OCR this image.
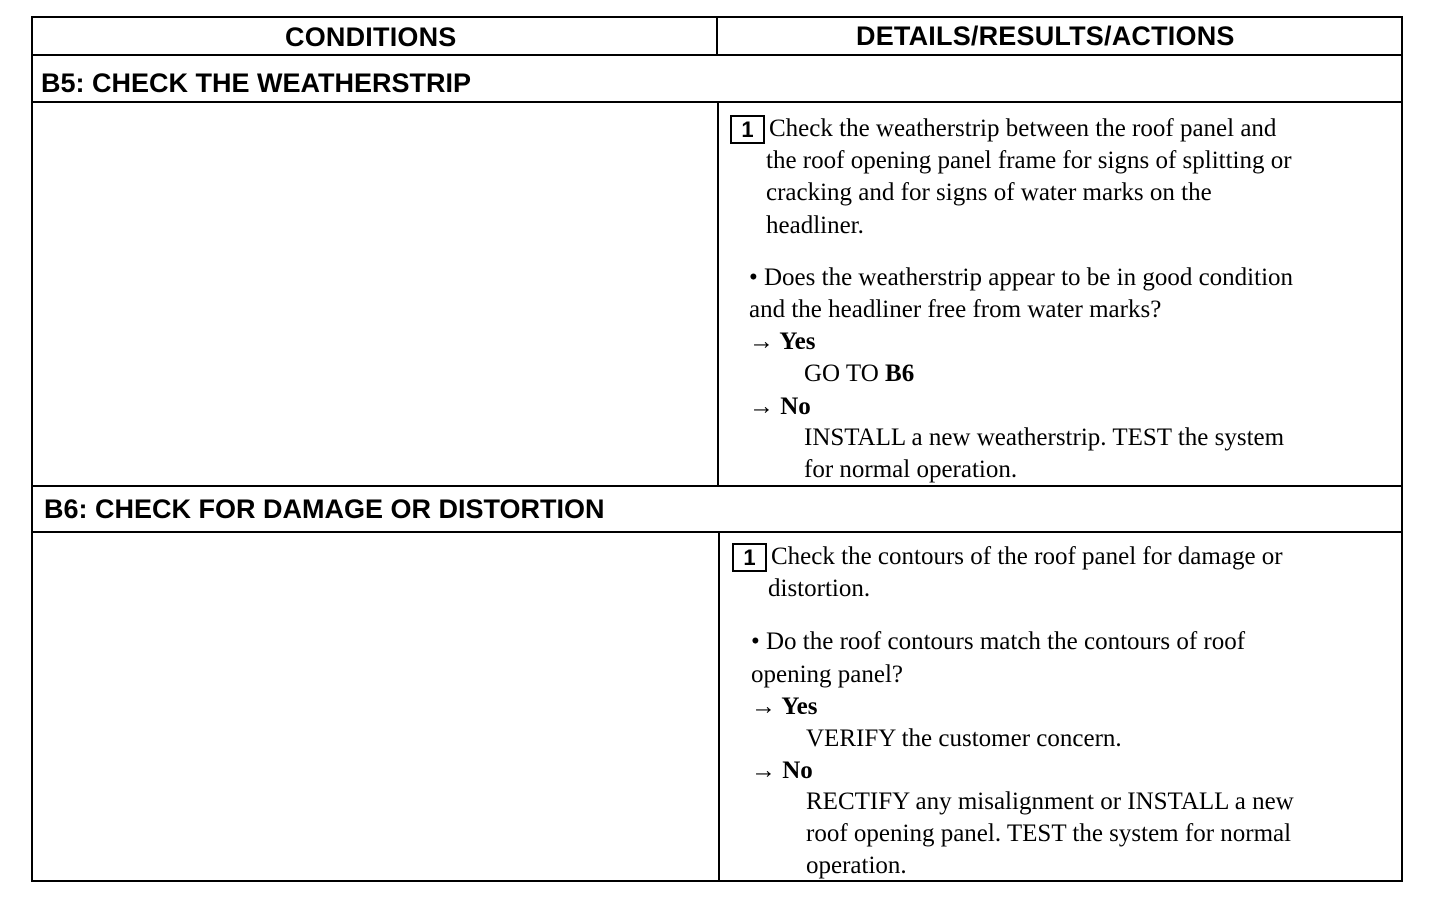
CONDITIONS	DETAILS/RESULTS/ACTIONS
B5: CHECK THE WEATHERSTRIP
1 Check the weatherstrip between the roof panel and
the roof opening panel frame for signs of splitting or
cracking and for signs of water marks on the
headliner.
• Does the weatherstrip appear to be in good condition
and the headliner free from water marks?
→ Yes
GO TO B6
→ No
INSTALL a new weatherstrip. TEST the system
for normal operation.
B6: CHECK FOR DAMAGE OR DISTORTION
1 Check the contours of the roof panel for damage or
distortion.
• Do the roof contours match the contours of roof
opening panel?
→ Yes
VERIFY the customer concern.
→ No
RECTIFY any misalignment or INSTALL a new
roof opening panel. TEST the system for normal
operation.
